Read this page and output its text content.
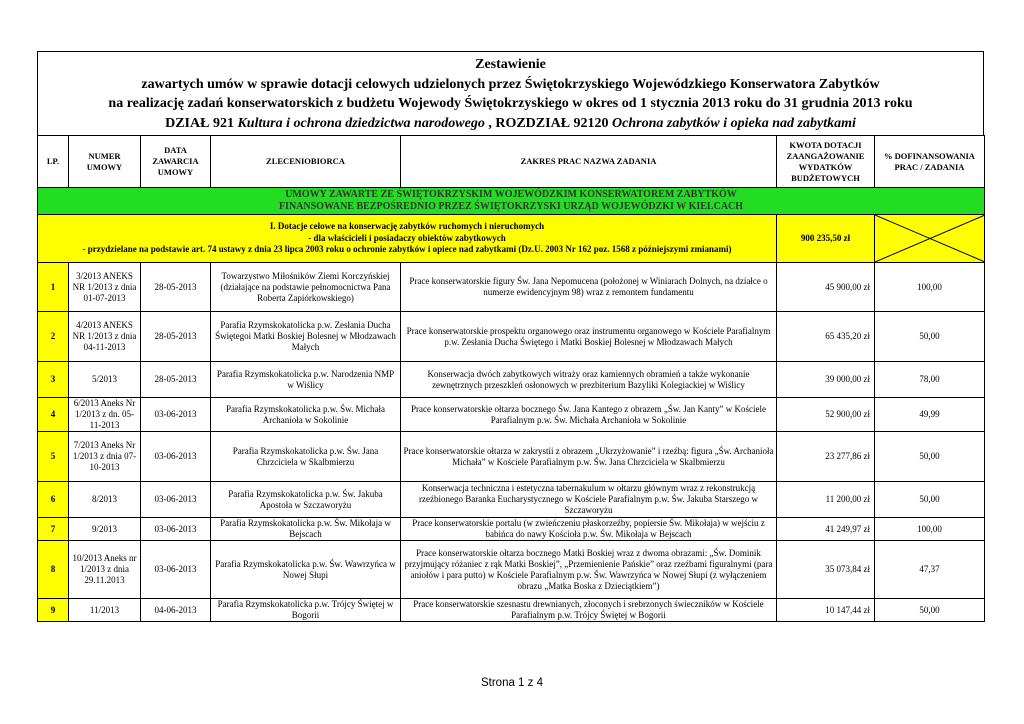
Zestawienie
zawartych umów w sprawie dotacji celowych udzielonych przez Świętokrzyskiego Wojewódzkiego Konserwatora Zabytków
na realizację zadań konserwatorskich z budżetu Wojewody Świętokrzyskiego w okres od 1 stycznia 2013 roku do 31 grudnia 2013 roku
DZIAŁ 921 Kultura i ochrona dziedzictwa narodowego , ROZDZIAŁ 92120 Ochrona zabytków i opieka nad zabytkami
LP.	NUMER UMOWY	DATA ZAWARCIA UMOWY	ZLECENIOBIORCA	ZAKRES PRAC NAZWA ZADANIA	KWOTA DOTACJI ZAANGAŻOWANIE WYDATKÓW BUDŻETOWYCH	% DOFINANSOWANIA PRAC / ZADANIA

UMOWY ZAWARTE ZE ŚWIĘTOKRZYSKIM WOJEWÓDZKIM KONSERWATOREM ZABYTKÓW
FINANSOWANE BEZPOŚREDNIO PRZEZ ŚWIĘTOKRZYSKI URZĄD WOJEWÓDZKI W KIELCACH						

I. Dotacje celowe na konserwację zabytków ruchomych i nieruchomych
- dla właścicieli i posiadaczy obiektów zabytkowych
- przydzielane na podstawie art. 74 ustawy z dnia 23 lipca 2003 roku o ochronie zabytków i opiece nad zabytkami (Dz.U. 2003 Nr 162 poz. 1568 z późniejszymi zmianami)					900 235,50 zł	

1	3/2013 ANEKS NR 1/2013 z dnia 01-07-2013	28-05-2013	Towarzystwo Miłośników Ziemi Korczyńskiej (działające na podstawie pełnomocnictwa Pana Roberta Zapiórkowskiego)	Prace konserwatorskie figury Św. Jana Nepomucena (położonej w Winiarach Dolnych, na działce o numerze ewidencyjnym 98) wraz z remontem fundamentu	45 900,00 zł	100,00
2	4/2013 ANEKS NR 1/2013 z dnia 04-11-2013	28-05-2013	Parafia Rzymskokatolicka p.w. Zesłania Ducha Świętegoi Matki Boskiej Bolesnej w Młodzawach Małych	Prace konserwatorskie prospektu organowego oraz instrumentu organowego w Kościele Parafialnym p.w. Zesłania Ducha Świętego i Matki Boskiej Bolesnej w Młodzawach Małych	65 435,20 zł	50,00
3	5/2013	28-05-2013	Parafia Rzymskokatolicka p.w. Narodzenia NMP w Wiślicy	Konserwacja dwóch zabytkowych witraży oraz kamiennych obramień a także wykonanie zewnętrznych przeszkleń osłonowych w prezbiterium Bazyliki Kolegiackiej w Wiślicy	39 000,00 zł	78,00
4	6/2013 Aneks Nr 1/2013 z dn. 05-11-2013	03-06-2013	Parafia Rzymskokatolicka p.w. Św. Michała Archanioła w Sokolinie	Prace konserwatorskie ołtarza bocznego Św. Jana Kantego z obrazem „Św. Jan Kanty” w Kościele Parafialnym p.w. Św. Michała Archanioła w Sokolinie	52 900,00 zł	49,99
5	7/2013 Aneks Nr 1/2013 z dnia 07-10-2013	03-06-2013	Parafia Rzymskokatolicka p.w. Św. Jana Chrzciciela w Skalbmierzu	Prace konserwatorskie ołtarza w zakrystii z obrazem „Ukrzyżowanie” i rzeźbą: figura „Św. Archanioła Michała” w Kościele Parafialnym p.w. Św. Jana Chrzciciela w Skalbmierzu	23 277,86 zł	50,00
6	8/2013	03-06-2013	Parafia Rzymskokatolicka p.w. Św. Jakuba Apostoła w Szczaworyżu	Konserwacja techniczna i estetyczna tabernakulum w ołtarzu głównym wraz z rekonstrukcją rzeźbionego Baranka Eucharystycznego w Kościele Parafialnym p.w. Św. Jakuba Starszego w Szczaworyżu	11 200,00 zł	50,00
7	9/2013	03-06-2013	Parafia Rzymskokatolicka p.w. Św. Mikołaja w Bejscach	Prace konserwatorskie portalu (w zwieńczeniu płaskorzeźby, popiersie Św. Mikołaja) w wejściu z babińca do nawy Kościoła p.w. Św. Mikołaja w Bejscach	41 249,97 zł	100,00
8	10/2013 Aneks nr 1/2013 z dnia 29.11.2013	03-06-2013	Parafia Rzymskokatolicka p.w. Św. Wawrzyńca w Nowej Słupi	Prace konserwatorskie ołtarza bocznego Matki Boskiej wraz z dwoma obrazami: „Św. Dominik przyjmujący różaniec z rąk Matki Boskiej”, „Przemienienie Pańskie” oraz rzeźbami figuralnymi (para aniołów i para putto) w Kościele Parafialnym p.w. Św. Wawrzyńca w Nowej Słupi (z wyłączeniem obrazu „Matka Boska z Dzieciątkiem”)	35 073,84 zł	47,37
9	11/2013	04-06-2013	Parafia Rzymskokatolicka p.w. Trójcy Świętej w Bogorii	Prace konserwatorskie szesnastu drewnianych, złoconych i srebrzonych świeczników w Kościele Parafialnym p.w. Trójcy Świętej w Bogorii	10 147,44 zł	50,00
Strona 1 z 4
